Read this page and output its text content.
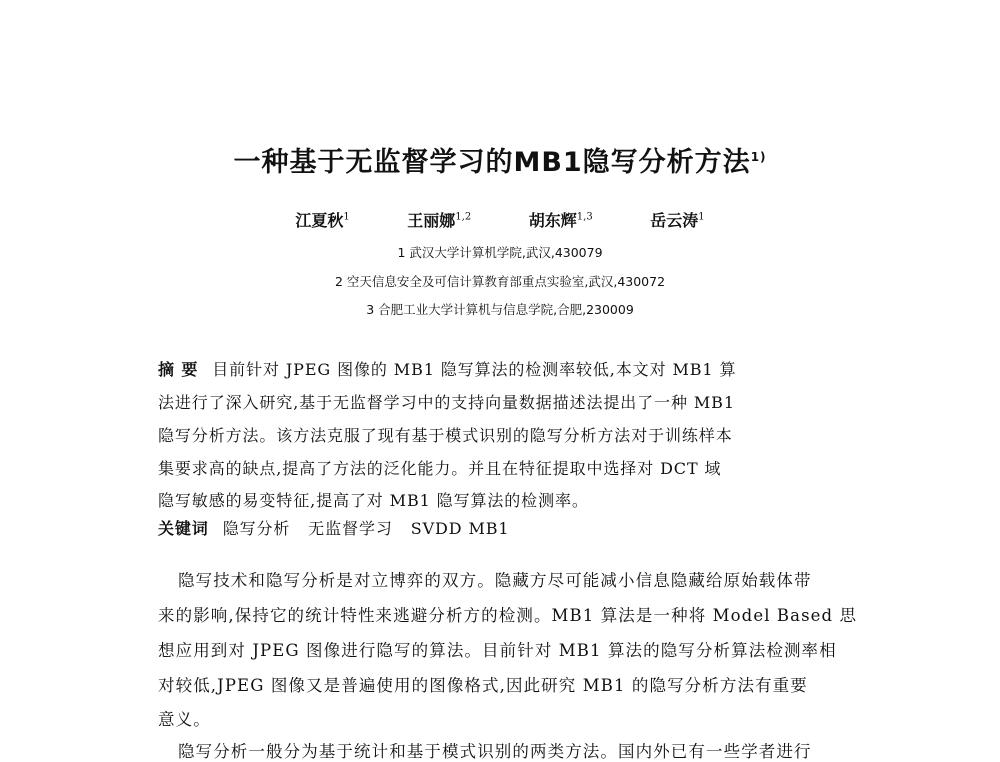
一种基于无监督学习的MB1隐写分析方法$^{1)}$
江夏秋$^1$	王丽娜$^{1,2}$	胡东辉$^{1,3}$	岳云涛$^1$
1 武汉大学计算机学院,武汉,430079
2 空天信息安全及可信计算教育部重点实验室,武汉,430072
3 合肥工业大学计算机与信息学院,合肥,230009
摘 要 目前针对 JPEG 图像的 MB1 隐写算法的检测率较低,本文对 MB1 算
法进行了深入研究,基于无监督学习中的支持向量数据描述法提出了一种 MB1
隐写分析方法。该方法克服了现有基于模式识别的隐写分析方法对于训练样本
集要求高的缺点,提高了方法的泛化能力。并且在特征提取中选择对 DCT 域
隐写敏感的易变特征,提高了对 MB1 隐写算法的检测率。
关键词 隐写分析   无监督学习   SVDD MB1
隐写技术和隐写分析是对立博弈的双方。隐藏方尽可能减小信息隐藏给原始载体带
来的影响,保持它的统计特性来逃避分析方的检测。MB1 算法是一种将 Model Based 思
想应用到对 JPEG 图像进行隐写的算法。目前针对 MB1 算法的隐写分析算法检测率相
对较低,JPEG 图像又是普遍使用的图像格式,因此研究 MB1 的隐写分析方法有重要
意义。
隐写分析一般分为基于统计和基于模式识别的两类方法。国内外已有一些学者进行
